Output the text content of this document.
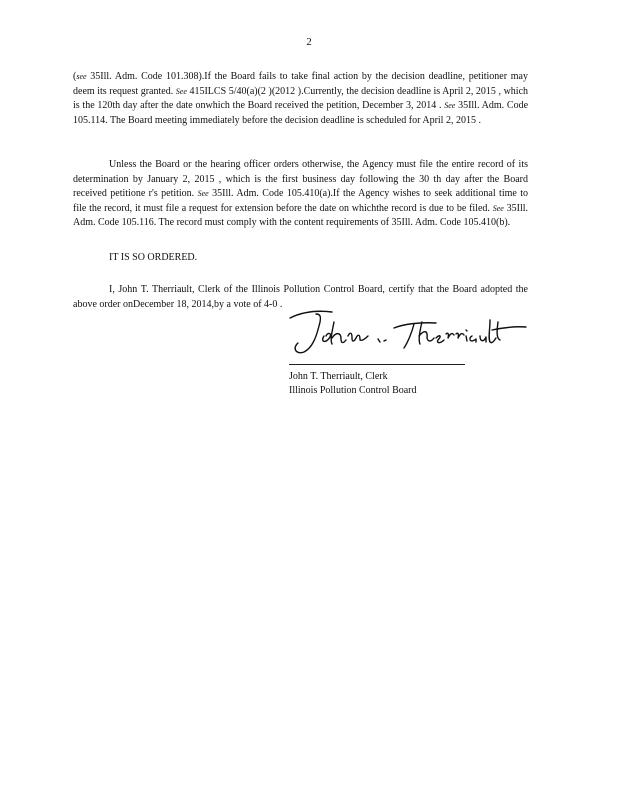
2

(see 35Ill. Adm. Code 101.308).If the Board fails to take final action by the decision deadline, petitioner may deem its request granted. See 415ILCS 5/40(a)(2 )(2012 ).Currently, the decision deadline is April 2, 2015 , which is the 120th day after the date onwhich the Board received the petition, December 3, 2014 . See 35Ill. Adm. Code 105.114. The Board meeting immediately before the decision deadline is scheduled for April 2, 2015 .

Unless the Board or the hearing officer orders otherwise, the Agency must file the entire record of its determination by January 2, 2015 , which is the first business day following the 30 th day after the Board received petitione r's petition. See 35Ill. Adm. Code 105.410(a).If the Agency wishes to seek additional time to file the record, it must file a request for extension before the date on whichthe record is due to be filed. See 35Ill. Adm. Code 105.116. The record must comply with the content requirements of 35Ill. Adm. Code 105.410(b).

IT IS SO ORDERED.

I, John T. Therriault, Clerk of the Illinois Pollution Control Board, certify that the Board adopted the above order onDecember 18, 2014,by a vote of 4-0 .

John T. Therriault, Clerk
Illinois Pollution Control Board
